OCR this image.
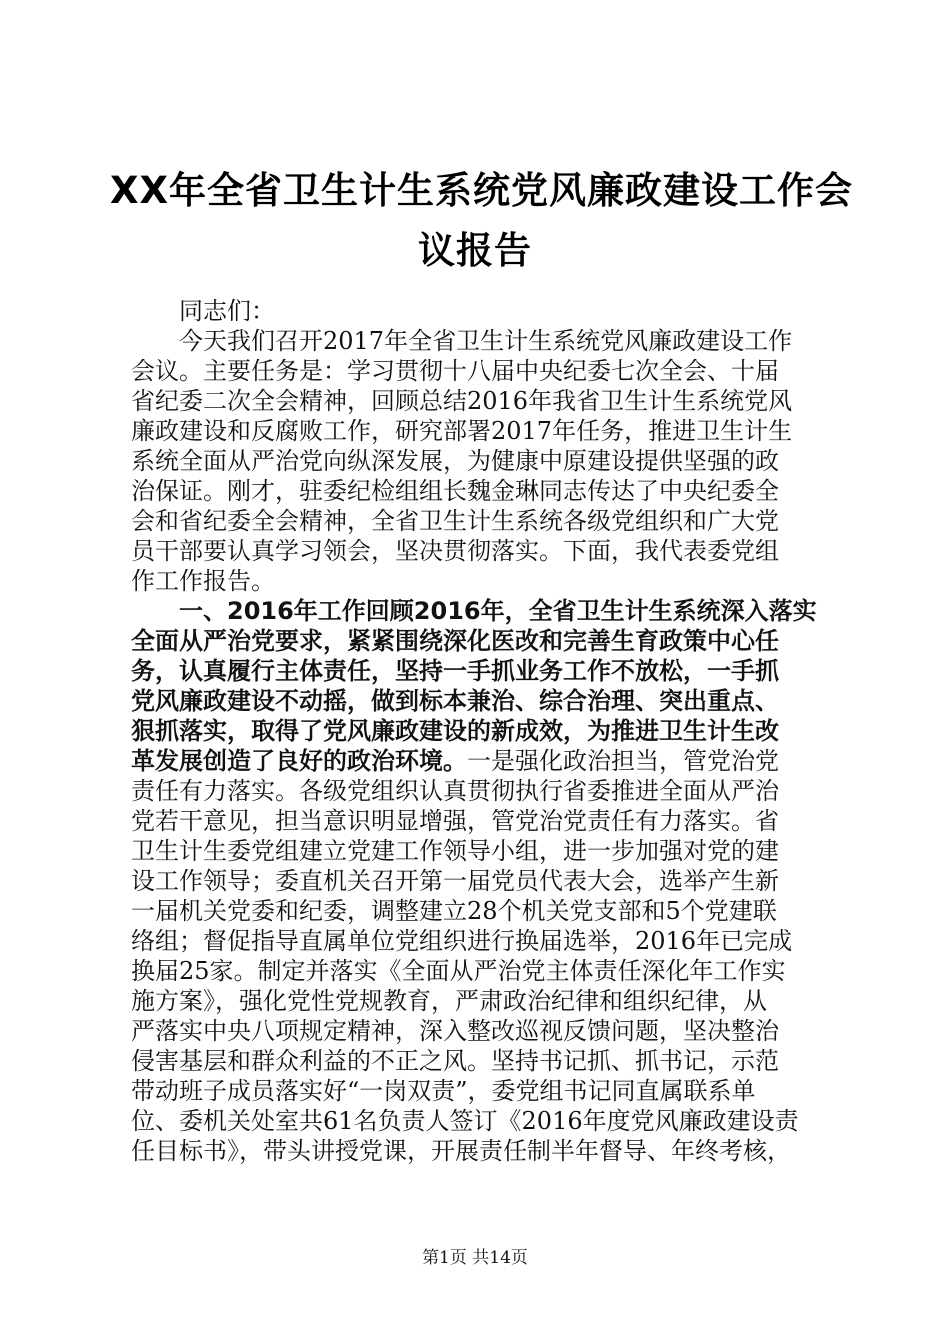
XX年全省卫生计生系统党风廉政建设工作会
议报告
同志们：
今天我们召开2017年全省卫生计生系统党风廉政建设工作
会议。主要任务是：学习贯彻十八届中央纪委七次全会、十届
省纪委二次全会精神，回顾总结2016年我省卫生计生系统党风
廉政建设和反腐败工作，研究部署2017年任务，推进卫生计生
系统全面从严治党向纵深发展，为健康中原建设提供坚强的政
治保证。刚才，驻委纪检组组长魏金琳同志传达了中央纪委全
会和省纪委全会精神，全省卫生计生系统各级党组织和广大党
员干部要认真学习领会，坚决贯彻落实。下面，我代表委党组
作工作报告。
一、2016年工作回顾2016年，全省卫生计生系统深入落实
全面从严治党要求，紧紧围绕深化医改和完善生育政策中心任
务，认真履行主体责任，坚持一手抓业务工作不放松，一手抓
党风廉政建设不动摇，做到标本兼治、综合治理、突出重点、
狠抓落实，取得了党风廉政建设的新成效，为推进卫生计生改
革发展创造了良好的政治环境。一是强化政治担当，管党治党
责任有力落实。各级党组织认真贯彻执行省委推进全面从严治
党若干意见，担当意识明显增强，管党治党责任有力落实。省
卫生计生委党组建立党建工作领导小组，进一步加强对党的建
设工作领导；委直机关召开第一届党员代表大会，选举产生新
一届机关党委和纪委，调整建立28个机关党支部和5个党建联
络组；督促指导直属单位党组织进行换届选举，2016年已完成
换届25家。制定并落实《全面从严治党主体责任深化年工作实
施方案》，强化党性党规教育，严肃政治纪律和组织纪律，从
严落实中央八项规定精神，深入整改巡视反馈问题，坚决整治
侵害基层和群众利益的不正之风。坚持书记抓、抓书记，示范
带动班子成员落实好“一岗双责”，委党组书记同直属联系单
位、委机关处室共61名负责人签订《2016年度党风廉政建设责
任目标书》，带头讲授党课，开展责任制半年督导、年终考核，
第1页 共14页
